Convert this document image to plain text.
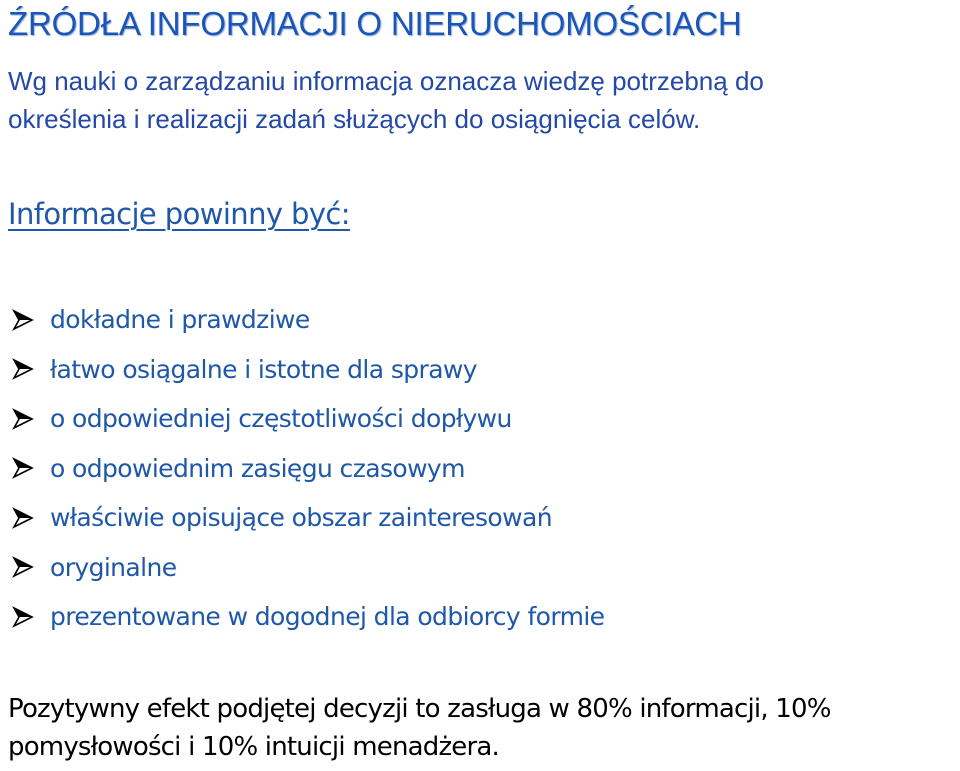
ŹRÓDŁA INFORMACJI O NIERUCHOMOŚCIACH

Wg nauki o zarządzaniu informacja oznacza wiedzę potrzebną do
określenia i realizacji zadań służących do osiągnięcia celów.

Informacje powinny być:
dokładne i prawdziwe
łatwo osiągalne i istotne dla sprawy
o odpowiedniej częstotliwości dopływu
o odpowiednim zasięgu czasowym
właściwie opisujące obszar zainteresowań
oryginalne
prezentowane w dogodnej dla odbiorcy formie

Pozytywny efekt podjętej decyzji to zasługa w 80% informacji, 10%
pomysłowości i 10% intuicji menadżera.
